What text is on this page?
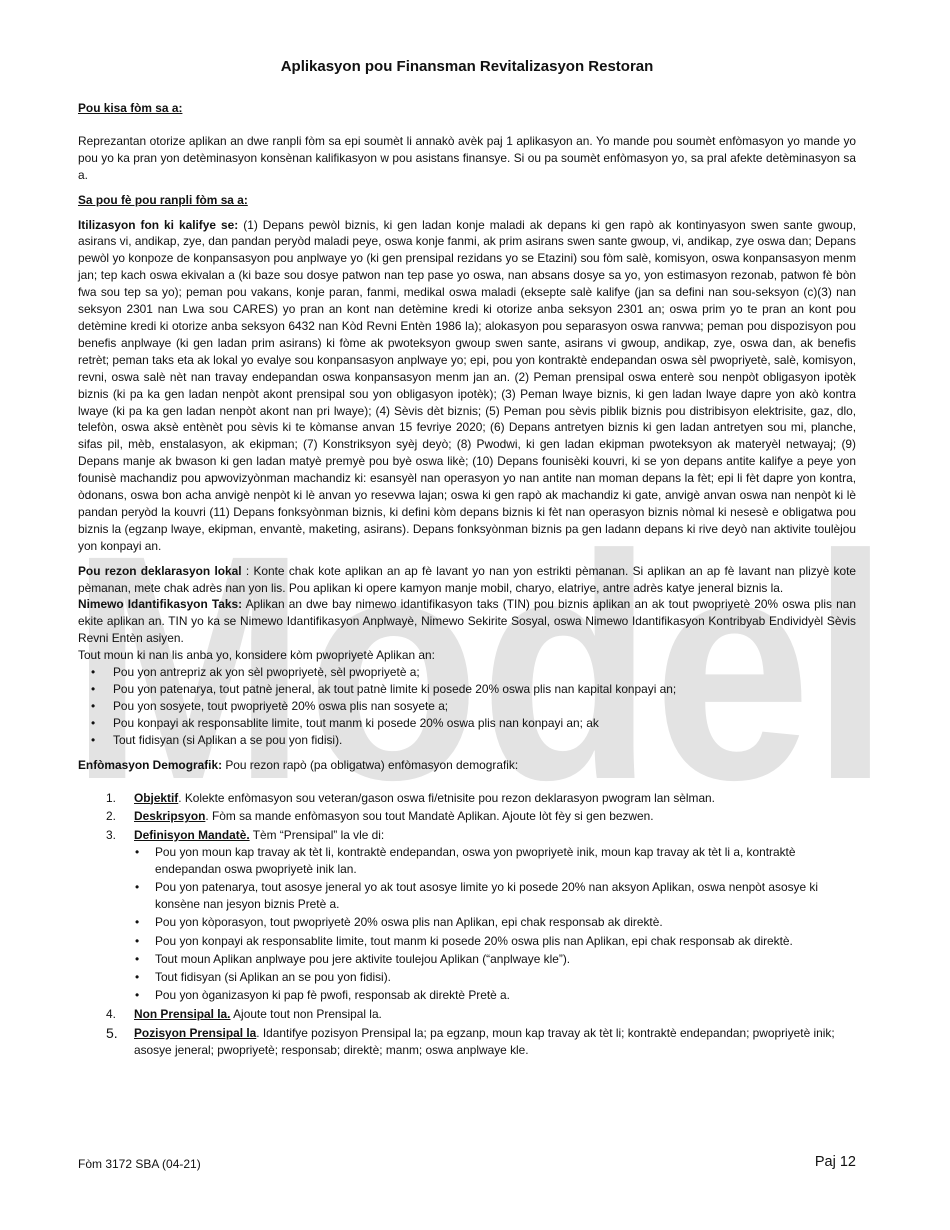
Model
Aplikasyon pou Finansman Revitalizasyon Restoran

Pou kisa fòm sa a:

Reprezantan otorize aplikan an dwe ranpli fòm sa epi soumèt li annakò avèk paj 1 aplikasyon an. Yo mande pou soumèt enfòmasyon yo mande yo pou yo ka pran yon detèminasyon konsènan kalifikasyon w pou asistans finansye. Si ou pa soumèt enfòmasyon yo, sa pral afekte detèminasyon sa a.

Sa pou fè pou ranpli fòm sa a:

Itilizasyon fon ki kalifye se: (1) Depans pewòl biznis, ki gen ladan konje maladi ak depans ki gen rapò ak kontinyasyon swen sante gwoup, asirans vi, andikap, zye, dan pandan peryòd maladi peye, oswa konje fanmi, ak prim asirans swen sante gwoup, vi, andikap, zye oswa dan; Depans pewòl yo konpoze de konpansasyon pou anplwaye yo (ki gen prensipal rezidans yo se Etazini) sou fòm salè, komisyon, oswa konpansasyon menm jan; tep kach oswa ekivalan a (ki baze sou dosye patwon nan tep pase yo oswa, nan absans dosye sa yo, yon estimasyon rezonab, patwon fè bòn fwa sou tep sa yo); peman pou vakans, konje paran, fanmi, medikal oswa maladi (eksepte salè kalifye (jan sa defini nan sou-seksyon (c)(3) nan seksyon 2301 nan Lwa sou CARES) yo pran an kont nan detèmine kredi ki otorize anba seksyon 2301 an; oswa prim yo te pran an kont pou detèmine kredi ki otorize anba seksyon 6432 nan Kòd Revni Entèn 1986 la); alokasyon pou separasyon oswa ranvwa; peman pou dispozisyon pou benefis anplwaye (ki gen ladan prim asirans) ki fòme ak pwoteksyon gwoup swen sante, asirans vi gwoup, andikap, zye, oswa dan, ak benefis retrèt; peman taks eta ak lokal yo evalye sou konpansasyon anplwaye yo; epi, pou yon kontraktè endepandan oswa sèl pwopriyetè, salè, komisyon, revni, oswa salè nèt nan travay endepandan oswa konpansasyon menm jan an. (2) Peman prensipal oswa enterè sou nenpòt obligasyon ipotèk biznis (ki pa ka gen ladan nenpòt akont prensipal sou yon obligasyon ipotèk); (3) Peman lwaye biznis, ki gen ladan lwaye dapre yon akò kontra lwaye (ki pa ka gen ladan nenpòt akont nan pri lwaye); (4) Sèvis dèt biznis; (5) Peman pou sèvis piblik biznis pou distribisyon elektrisite, gaz, dlo, telefòn, oswa aksè entènèt pou sèvis ki te kòmanse anvan 15 fevriye 2020; (6) Depans antretyen biznis ki gen ladan antretyen sou mi, planche, sifas pil, mèb, enstalasyon, ak ekipman; (7) Konstriksyon syèj deyò; (8) Pwodwi, ki gen ladan ekipman pwoteksyon ak materyèl netwayaj; (9) Depans manje ak bwason ki gen ladan matyè premyè pou byè oswa likè; (10) Depans founisèki kouvri, ki se yon depans antite kalifye a peye yon founisè machandiz pou apwovizyònman machandiz ki: esansyèl nan operasyon yo nan antite nan moman depans la fèt; epi li fèt dapre yon kontra, òdonans, oswa bon acha anvigè nenpòt ki lè anvan yo resevwa lajan; oswa ki gen rapò ak machandiz ki gate, anvigè anvan oswa nan nenpòt ki lè pandan peryòd la kouvri (11) Depans fonksyònman biznis, ki defini kòm depans biznis ki fèt nan operasyon biznis nòmal ki nesesè e obligatwa pou biznis la (egzanp lwaye, ekipman, envantè, maketing, asirans). Depans fonksyònman biznis pa gen ladann depans ki rive deyò nan aktivite toulèjou yon konpayi an.

Pou rezon deklarasyon lokal : Konte chak kote aplikan an ap fè lavant yo nan yon estrikti pèmanan. Si aplikan an ap fè lavant nan plizyè kote pèmanan, mete chak adrès nan yon lis. Pou aplikan ki opere kamyon manje mobil, charyo, elatriye, antre adrès katye jeneral biznis la.

Nimewo Idantifikasyon Taks: Aplikan an dwe bay nimewo idantifikasyon taks (TIN) pou biznis aplikan an ak tout pwopriyetè 20% oswa plis nan ekite aplikan an. TIN yo ka se Nimewo Idantifikasyon Anplwayè, Nimewo Sekirite Sosyal, oswa Nimewo Idantifikasyon Kontribyab Endividyèl Sèvis Revni Entèn asiyen.

Tout moun ki nan lis anba yo, konsidere kòm pwopriyetè Aplikan an:

• Pou yon antrepriz ak yon sèl pwopriyetè, sèl pwopriyetè a;
• Pou yon patenarya, tout patnè jeneral, ak tout patnè limite ki posede 20% oswa plis nan kapital konpayi an;
• Pou yon sosyete, tout pwopriyetè 20% oswa plis nan sosyete a;
• Pou konpayi ak responsablite limite, tout manm ki posede 20% oswa plis nan konpayi an; ak
• Tout fidisyan (si Aplikan a se pou yon fidisi).

Enfòmasyon Demografik: Pou rezon rapò (pa obligatwa) enfòmasyon demografik:

1. Objektif. Kolekte enfòmasyon sou veteran/gason oswa fi/etnisite pou rezon deklarasyon pwogram lan sèlman.
2. Deskripsyon. Fòm sa mande enfòmasyon sou tout Mandatè Aplikan. Ajoute lòt fèy si gen bezwen.
3. Definisyon Mandatè. Tèm “Prensipal” la vle di:
• Pou yon moun kap travay ak tèt li, kontraktè endepandan, oswa yon pwopriyetè inik, moun kap travay ak tèt li a, kontraktè endepandan oswa pwopriyetè inik lan.
• Pou yon patenarya, tout asosye jeneral yo ak tout asosye limite yo ki posede 20% nan aksyon Aplikan, oswa nenpòt asosye ki konsène nan jesyon biznis Pretè a.
• Pou yon kòporasyon, tout pwopriyetè 20% oswa plis nan Aplikan, epi chak responsab ak direktè.
• Pou yon konpayi ak responsablite limite, tout manm ki posede 20% oswa plis nan Aplikan, epi chak responsab ak direktè.
• Tout moun Aplikan anplwaye pou jere aktivite toulejou Aplikan (“anplwaye kle”).
• Tout fidisyan (si Aplikan an se pou yon fidisi).
• Pou yon òganizasyon ki pap fè pwofi, responsab ak direktè Pretè a.
4. Non Prensipal la. Ajoute tout non Prensipal la.
5. Pozisyon Prensipal la. Idantifye pozisyon Prensipal la; pa egzanp, moun kap travay ak tèt li; kontraktè endepandan; pwopriyetè inik; asosye jeneral; pwopriyetè; responsab; direktè; manm; oswa anplwaye kle.
Fòm 3172 SBA (04-21)	Paj 12
